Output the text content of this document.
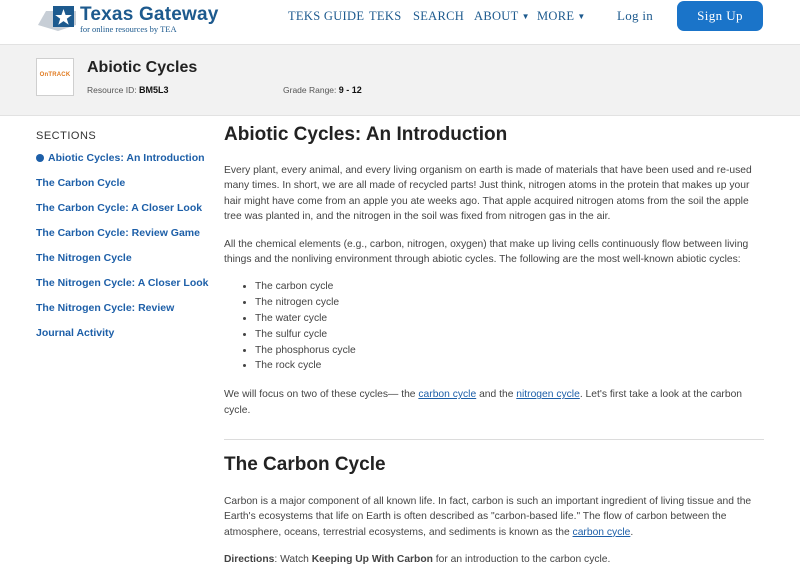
Texas Gateway
for online resources by TEA
TEKS GUIDE TEKS SEARCH ABOUT ▼ MORE ▼ Log in	Sign Up
OnTRACK
Abiotic Cycles
Resource ID: BM5L3	Grade Range: 9 - 12
SECTIONS
Abiotic Cycles: An Introduction
The Carbon Cycle
The Carbon Cycle: A Closer Look
The Carbon Cycle: Review Game
The Nitrogen Cycle
The Nitrogen Cycle: A Closer Look
The Nitrogen Cycle: Review
Journal Activity
Abiotic Cycles: An Introduction

Every plant, every animal, and every living organism on earth is made of materials that have been used and re-used many times. In short, we are all made of recycled parts! Just think, nitrogen atoms in the protein that makes up your hair might have come from an apple you ate weeks ago. That apple acquired nitrogen atoms from the soil the apple tree was planted in, and the nitrogen in the soil was fixed from nitrogen gas in the air.

All the chemical elements (e.g., carbon, nitrogen, oxygen) that make up living cells continuously flow between living things and the nonliving environment through abiotic cycles. The following are the most well-known abiotic cycles:

• The carbon cycle
• The nitrogen cycle
• The water cycle
• The sulfur cycle
• The phosphorus cycle
• The rock cycle

We will focus on two of these cycles— the carbon cycle and the nitrogen cycle. Let's first take a look at the carbon cycle.

The Carbon Cycle

Carbon is a major component of all known life. In fact, carbon is such an important ingredient of living tissue and the Earth's ecosystems that life on Earth is often described as "carbon-based life." The flow of carbon between the atmosphere, oceans, terrestrial ecosystems, and sediments is known as the carbon cycle.

Directions: Watch Keeping Up With Carbon for an introduction to the carbon cycle.
